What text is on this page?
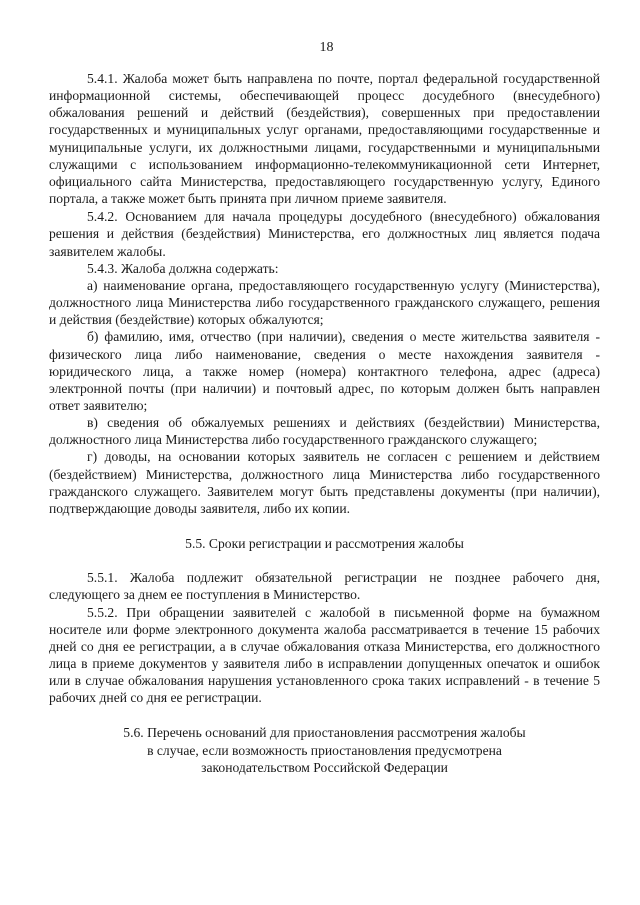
18

5.4.1. Жалоба может быть направлена по почте, портал федеральной государственной информационной системы, обеспечивающей процесс досудебного (внесудебного) обжалования решений и действий (бездействия), совершенных при предоставлении государственных и муниципальных услуг органами, предоставляющими государственные и муниципальные услуги, их должностными лицами, государственными и муниципальными служащими с использованием информационно-телекоммуникационной сети Интернет, официального сайта Министерства, предоставляющего государственную услугу, Единого портала, а также может быть принята при личном приеме заявителя.

5.4.2. Основанием для начала процедуры досудебного (внесудебного) обжалования решения и действия (бездействия) Министерства, его должностных лиц является подача заявителем жалобы.

5.4.3. Жалоба должна содержать:

а) наименование органа, предоставляющего государственную услугу (Министерства), должностного лица Министерства либо государственного гражданского служащего, решения и действия (бездействие) которых обжалуются;

б) фамилию, имя, отчество (при наличии), сведения о месте жительства заявителя - физического лица либо наименование, сведения о месте нахождения заявителя - юридического лица, а также номер (номера) контактного телефона, адрес (адреса) электронной почты (при наличии) и почтовый адрес, по которым должен быть направлен ответ заявителю;

в) сведения об обжалуемых решениях и действиях (бездействии) Министерства, должностного лица Министерства либо государственного гражданского служащего;

г) доводы, на основании которых заявитель не согласен с решением и действием (бездействием) Министерства, должностного лица Министерства либо государственного гражданского служащего. Заявителем могут быть представлены документы (при наличии), подтверждающие доводы заявителя, либо их копии.

5.5. Сроки регистрации и рассмотрения жалобы

5.5.1. Жалоба подлежит обязательной регистрации не позднее рабочего дня, следующего за днем ее поступления в Министерство.

5.5.2. При обращении заявителей с жалобой в письменной форме на бумажном носителе или форме электронного документа жалоба рассматривается в течение 15 рабочих дней со дня ее регистрации, а в случае обжалования отказа Министерства, его должностного лица в приеме документов у заявителя либо в исправлении допущенных опечаток и ошибок или в случае обжалования нарушения установленного срока таких исправлений - в течение 5 рабочих дней со дня ее регистрации.

5.6. Перечень оснований для приостановления рассмотрения жалобы
в случае, если возможность приостановления предусмотрена
законодательством Российской Федерации
